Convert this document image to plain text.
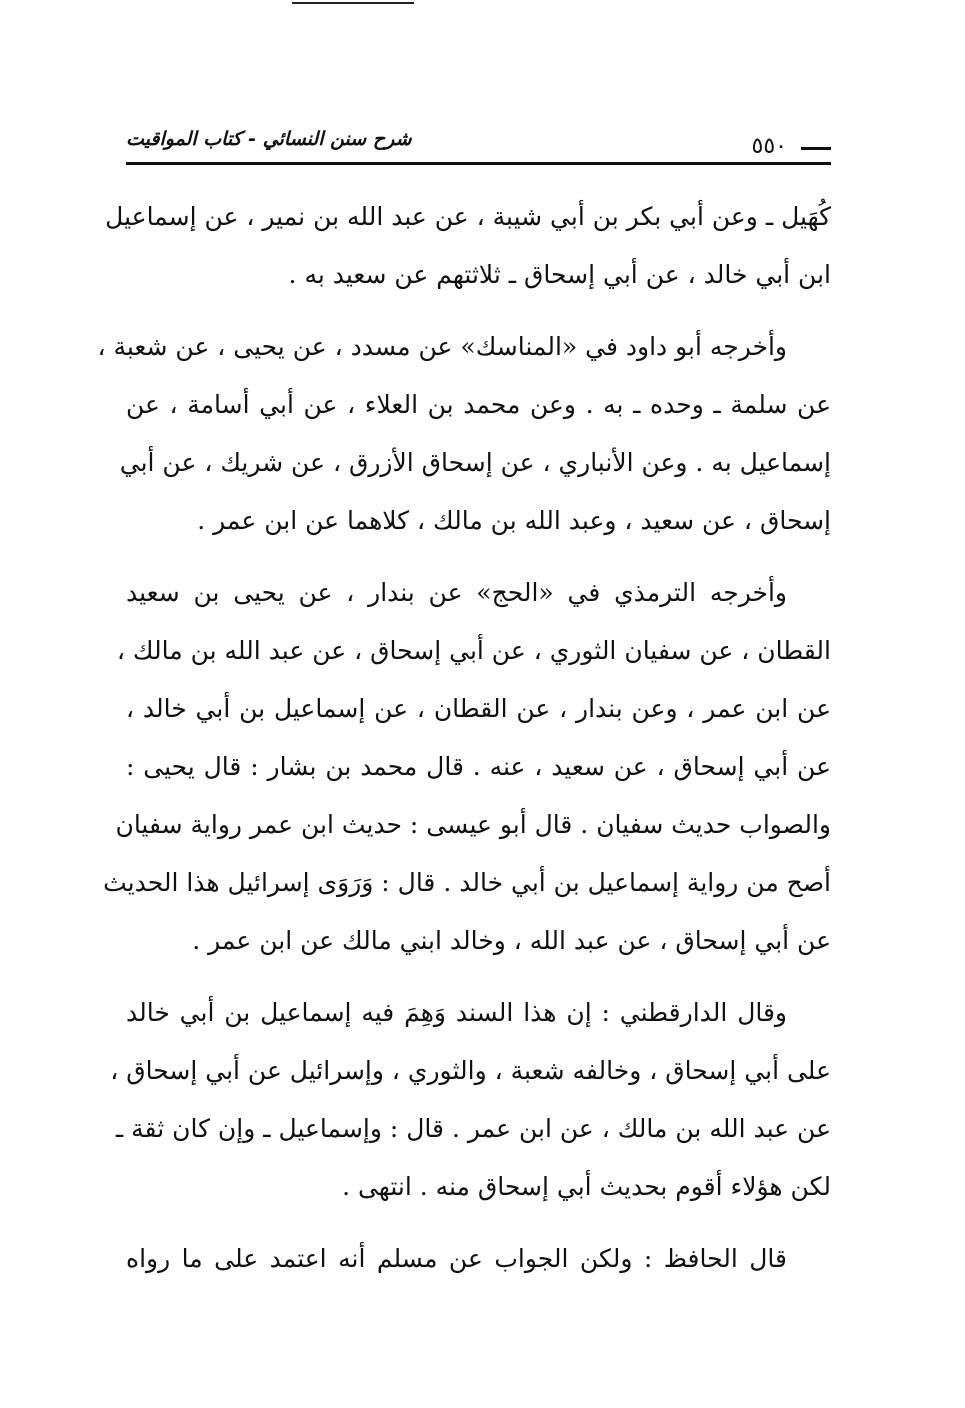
شرح سنن النسائي - كتاب المواقيت	٥٥٠
كُهَيل ـ وعن أبي بكر بن أبي شيبة ، عن عبد الله بن نمير ، عن إسماعيل
ابن أبي خالد ، عن أبي إسحاق ـ ثلاثتهم عن سعيد به .
وأخرجه أبو داود في «المناسك» عن مسدد ، عن يحيى ، عن شعبة ،
عن سلمة ـ وحده ـ به . وعن محمد بن العلاء ، عن أبي أسامة ، عن
إسماعيل به . وعن الأنباري ، عن إسحاق الأزرق ، عن شريك ، عن أبي
إسحاق ، عن سعيد ، وعبد الله بن مالك ، كلاهما عن ابن عمر .
وأخرجه الترمذي في «الحج» عن بندار ، عن يحيى بن سعيد
القطان ، عن سفيان الثوري ، عن أبي إسحاق ، عن عبد الله بن مالك ،
عن ابن عمر ، وعن بندار ، عن القطان ، عن إسماعيل بن أبي خالد ،
عن أبي إسحاق ، عن سعيد ، عنه . قال محمد بن بشار : قال يحيى :
والصواب حديث سفيان . قال أبو عيسى : حديث ابن عمر رواية سفيان
أصح من رواية إسماعيل بن أبي خالد . قال : وَرَوَى إسرائيل هذا الحديث
عن أبي إسحاق ، عن عبد الله ، وخالد ابني مالك عن ابن عمر .
وقال الدارقطني : إن هذا السند وَهِمَ فيه إسماعيل بن أبي خالد
على أبي إسحاق ، وخالفه شعبة ، والثوري ، وإسرائيل عن أبي إسحاق ،
عن عبد الله بن مالك ، عن ابن عمر . قال : وإسماعيل ـ وإن كان ثقة ـ
لكن هؤلاء أقوم بحديث أبي إسحاق منه . انتهى .
قال الحافظ : ولكن الجواب عن مسلم أنه اعتمد على ما رواه
